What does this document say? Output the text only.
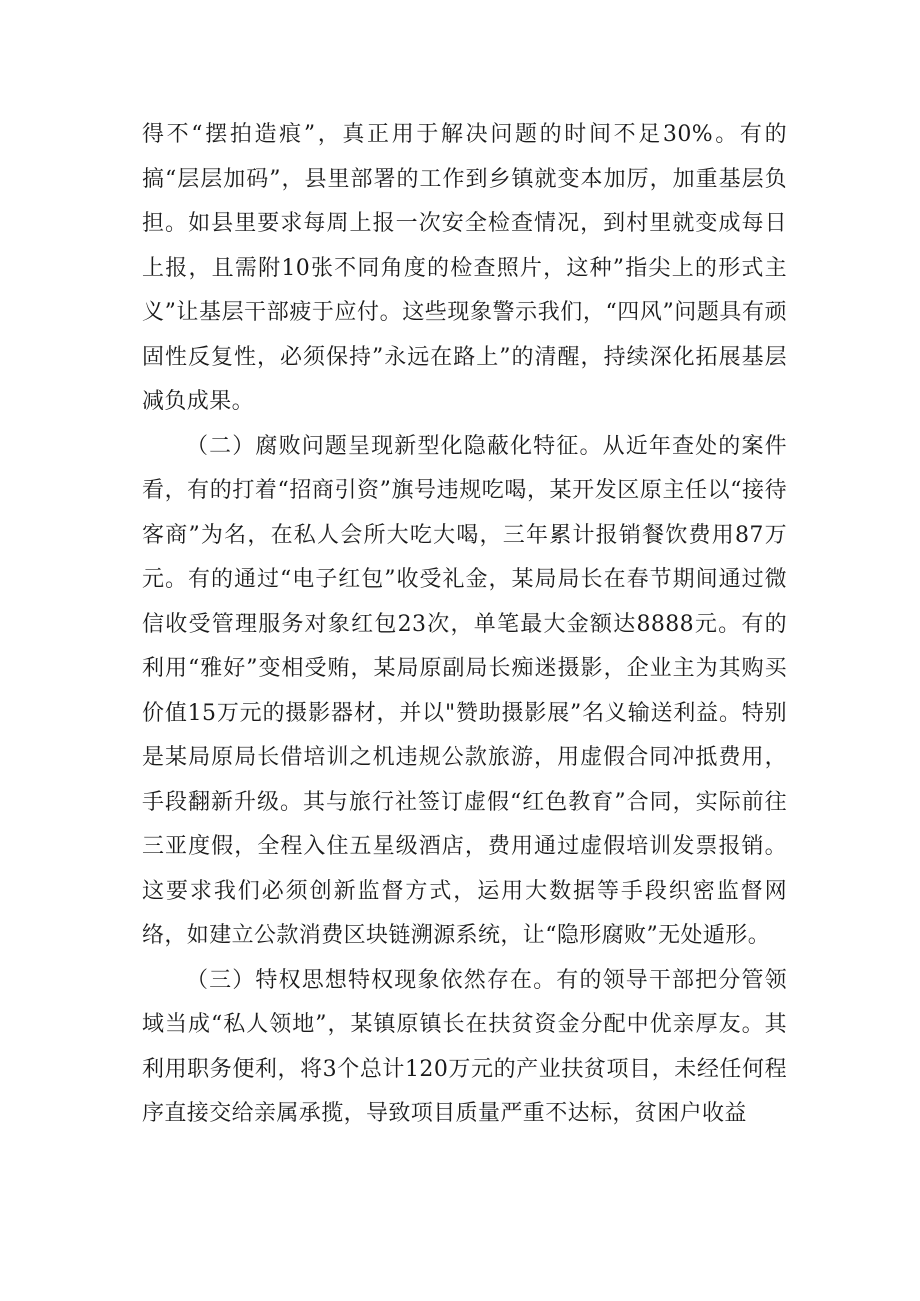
得不“摆拍造痕”，真正用于解决问题的时间不足30%。有的搞“层层加码”，县里部署的工作到乡镇就变本加厉，加重基层负担。如县里要求每周上报一次安全检查情况，到村里就变成每日上报，且需附10张不同角度的检查照片，这种”指尖上的形式主义”让基层干部疲于应付。这些现象警示我们，“四风”问题具有顽固性反复性，必须保持”永远在路上”的清醒，持续深化拓展基层减负成果。

（二）腐败问题呈现新型化隐蔽化特征。从近年查处的案件看，有的打着“招商引资”旗号违规吃喝，某开发区原主任以“接待客商”为名，在私人会所大吃大喝，三年累计报销餐饮费用87万元。有的通过“电子红包”收受礼金，某局局长在春节期间通过微信收受管理服务对象红包23次，单笔最大金额达8888元。有的利用“雅好”变相受贿，某局原副局长痴迷摄影，企业主为其购买价值15万元的摄影器材，并以"赞助摄影展”名义输送利益。特别是某局原局长借培训之机违规公款旅游，用虚假合同冲抵费用，手段翻新升级。其与旅行社签订虚假“红色教育”合同，实际前往三亚度假，全程入住五星级酒店，费用通过虚假培训发票报销。这要求我们必须创新监督方式，运用大数据等手段织密监督网络，如建立公款消费区块链溯源系统，让“隐形腐败”无处遁形。

（三）特权思想特权现象依然存在。有的领导干部把分管领域当成“私人领地”，某镇原镇长在扶贫资金分配中优亲厚友。其利用职务便利，将3个总计120万元的产业扶贫项目，未经任何程序直接交给亲属承揽，导致项目质量严重不达标，贫困户收益
